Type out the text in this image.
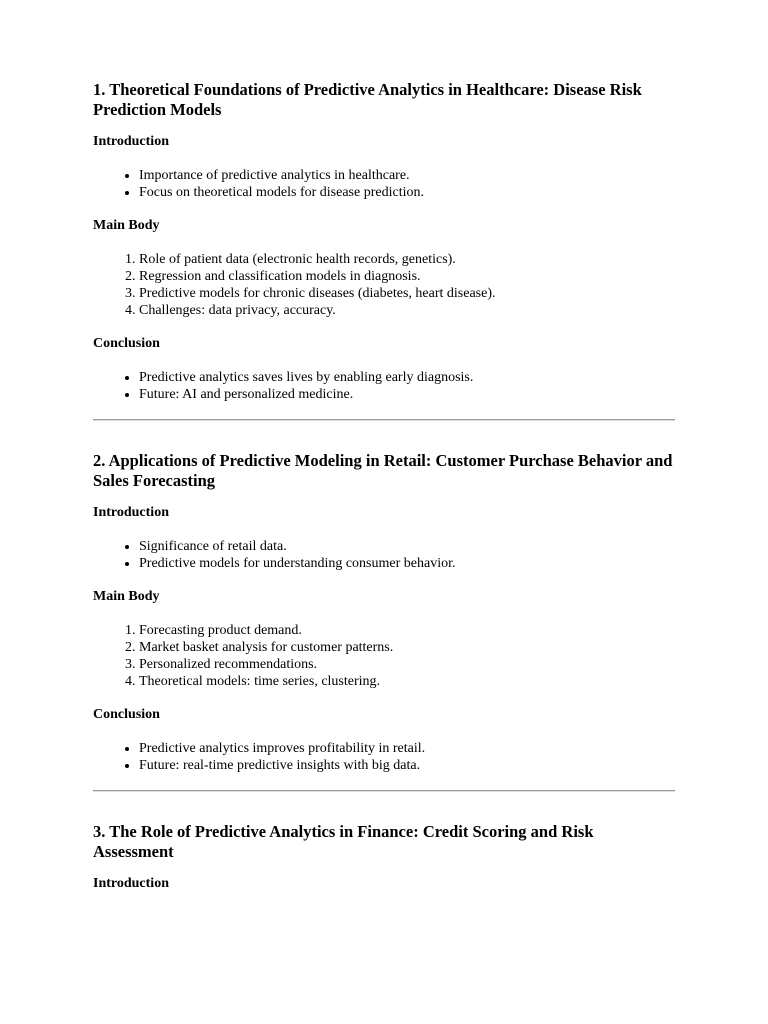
1. Theoretical Foundations of Predictive Analytics in Healthcare: Disease Risk Prediction Models
Introduction
• Importance of predictive analytics in healthcare.
• Focus on theoretical models for disease prediction.
Main Body
1. Role of patient data (electronic health records, genetics).
2. Regression and classification models in diagnosis.
3. Predictive models for chronic diseases (diabetes, heart disease).
4. Challenges: data privacy, accuracy.
Conclusion
• Predictive analytics saves lives by enabling early diagnosis.
• Future: AI and personalized medicine.
2. Applications of Predictive Modeling in Retail: Customer Purchase Behavior and Sales Forecasting
Introduction
• Significance of retail data.
• Predictive models for understanding consumer behavior.
Main Body
1. Forecasting product demand.
2. Market basket analysis for customer patterns.
3. Personalized recommendations.
4. Theoretical models: time series, clustering.
Conclusion
• Predictive analytics improves profitability in retail.
• Future: real-time predictive insights with big data.
3. The Role of Predictive Analytics in Finance: Credit Scoring and Risk Assessment
Introduction
